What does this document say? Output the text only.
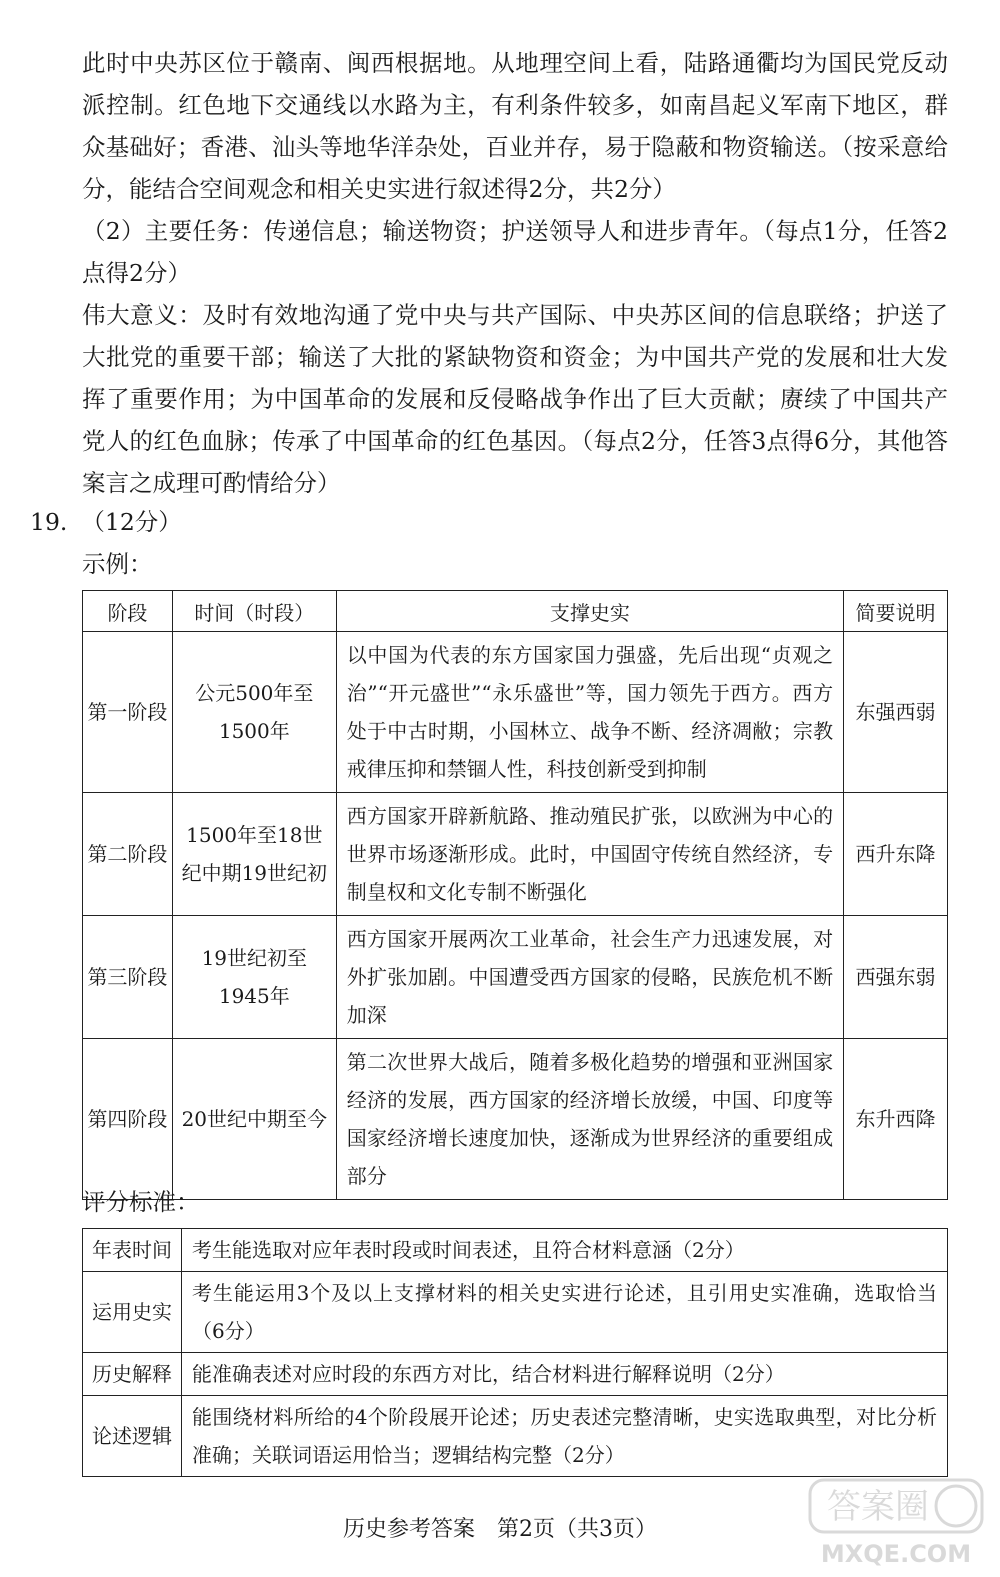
此时中央苏区位于赣南、闽西根据地。从地理空间上看，陆路通衢均为国民党反动派控制。红色地下交通线以水路为主，有利条件较多，如南昌起义军南下地区，群众基础好；香港、汕头等地华洋杂处，百业并存，易于隐蔽和物资输送。（按采意给分，能结合空间观念和相关史实进行叙述得2分，共2分）
（2）主要任务：传递信息；输送物资；护送领导人和进步青年。（每点1分，任答2点得2分）
伟大意义：及时有效地沟通了党中央与共产国际、中央苏区间的信息联络；护送了大批党的重要干部；输送了大批的紧缺物资和资金；为中国共产党的发展和壮大发挥了重要作用；为中国革命的发展和反侵略战争作出了巨大贡献；赓续了中国共产党人的红色血脉；传承了中国革命的红色基因。（每点2分，任答3点得6分，其他答案言之成理可酌情给分）
19. （12分）
示例：
阶段	时间（时段）	支撑史实	简要说明
第一阶段	公元500年至1500年	以中国为代表的东方国家国力强盛，先后出现“贞观之治”“开元盛世”“永乐盛世”等，国力领先于西方。西方处于中古时期，小国林立、战争不断、经济凋敝；宗教戒律压抑和禁锢人性，科技创新受到抑制	东强西弱
第二阶段	1500年至18世纪中期19世纪初	西方国家开辟新航路、推动殖民扩张，以欧洲为中心的世界市场逐渐形成。此时，中国固守传统自然经济，专制皇权和文化专制不断强化	西升东降
第三阶段	19世纪初至1945年	西方国家开展两次工业革命，社会生产力迅速发展，对外扩张加剧。中国遭受西方国家的侵略，民族危机不断加深	西强东弱
第四阶段	20世纪中期至今	第二次世界大战后，随着多极化趋势的增强和亚洲国家经济的发展，西方国家的经济增长放缓，中国、印度等国家经济增长速度加快，逐渐成为世界经济的重要组成部分	东升西降
评分标准：
年表时间	考生能选取对应年表时段或时间表述，且符合材料意涵（2分）
运用史实	考生能运用3个及以上支撑材料的相关史实进行论述，且引用史实准确，选取恰当（6分）
历史解释	能准确表述对应时段的东西方对比，结合材料进行解释说明（2分）
论述逻辑	能围绕材料所给的4个阶段展开论述；历史表述完整清晰，史实选取典型，对比分析准确；关联词语运用恰当；逻辑结构完整（2分）
历史参考答案　第2页（共3页）
答案圈
MXQE.COM
